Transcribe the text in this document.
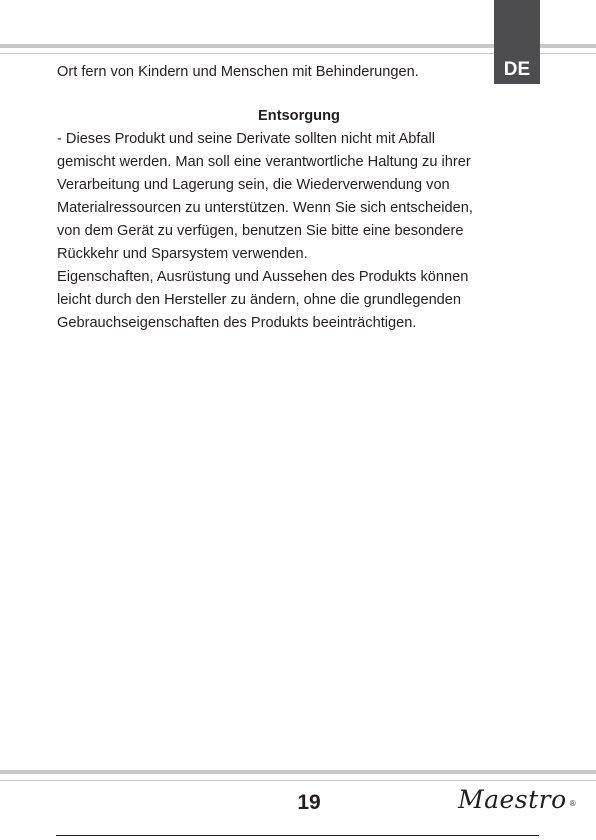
DE

Ort fern von Kindern und Menschen mit Behinderungen.

Entsorgung

- Dieses Produkt und seine Derivate sollten nicht mit Abfall

gemischt werden. Man soll eine verantwortliche Haltung zu ihrer

Verarbeitung und Lagerung sein, die Wiederverwendung von

Materialressourcen zu unterstützen. Wenn Sie sich entscheiden,

von dem Gerät zu verfügen, benutzen Sie bitte eine besondere

Rückkehr und Sparsystem verwenden.

Eigenschaften, Ausrüstung und Aussehen des Produkts können

leicht durch den Hersteller zu ändern, ohne die grundlegenden

Gebrauchseigenschaften des Produkts beeinträchtigen.

19	Maestro ®
